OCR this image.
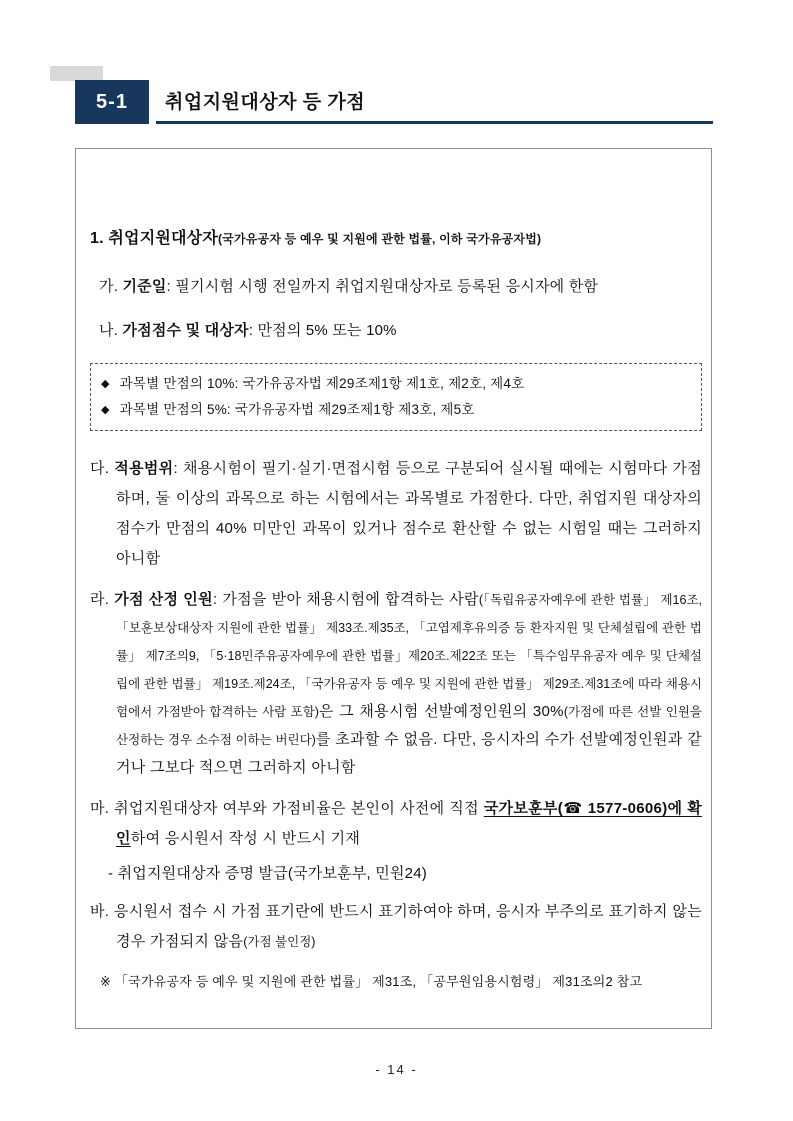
5-1	취업지원대상자 등 가점
1. 취업지원대상자(국가유공자 등 예우 및 지원에 관한 법률, 이하 국가유공자법)

가. 기준일: 필기시험 시행 전일까지 취업지원대상자로 등록된 응시자에 한함

나. 가점점수 및 대상자: 만점의 5% 또는 10%

◆ 과목별 만점의 10%: 국가유공자법 제29조제1항 제1호, 제2호, 제4호
◆ 과목별 만점의 5%: 국가유공자법 제29조제1항 제3호, 제5호

다. 적용범위: 채용시험이 필기·실기·면접시험 등으로 구분되어 실시될 때에는 시험마다 가점하며, 둘 이상의 과목으로 하는 시험에서는 과목별로 가점한다. 다만, 취업지원 대상자의 점수가 만점의 40% 미만인 과목이 있거나 점수로 환산할 수 없는 시험일 때는 그러하지 아니함

라. 가점 산정 인원: 가점을 받아 채용시험에 합격하는 사람(「독립유공자예우에 관한 법률」 제16조, 「보훈보상대상자 지원에 관한 법률」 제33조.제35조, 「고엽제후유의증 등 환자지원 및 단체설립에 관한 법률」 제7조의9, 「5·18민주유공자예우에 관한 법률」제20조.제22조 또는 「특수임무유공자 예우 및 단체설립에 관한 법률」 제19조.제24조, 「국가유공자 등 예우 및 지원에 관한 법률」 제29조.제31조에 따라 채용시험에서 가점받아 합격하는 사람 포함)은 그 채용시험 선발예정인원의 30%(가점에 따른 선발 인원을 산정하는 경우 소수점 이하는 버린다)를 초과할 수 없음. 다만, 응시자의 수가 선발예정인원과 같거나 그보다 적으면 그러하지 아니함

마. 취업지원대상자 여부와 가점비율은 본인이 사전에 직접 국가보훈부(☎ 1577-0606)에 확인하여 응시원서 작성 시 반드시 기재

- 취업지원대상자 증명 발급(국가보훈부, 민원24)

바. 응시원서 접수 시 가점 표기란에 반드시 표기하여야 하며, 응시자 부주의로 표기하지 않는 경우 가점되지 않음(가점 불인정)

※ 「국가유공자 등 예우 및 지원에 관한 법률」 제31조, 「공무원임용시험령」 제31조의2 참고

- 14 -
